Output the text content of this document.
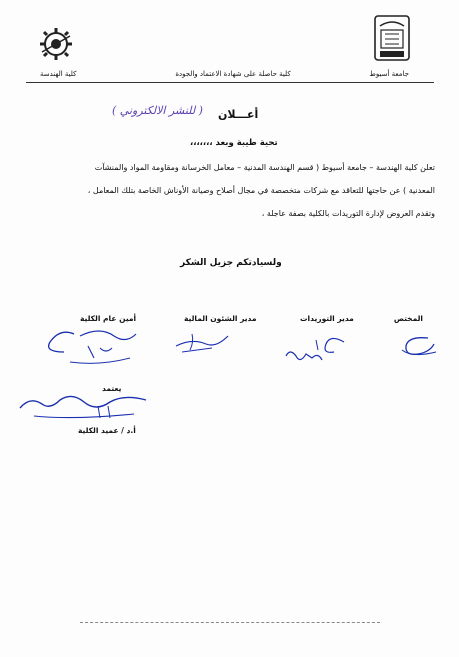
جامعة أسيوط
كلية حاصلة على شهادة الاعتماد والجودة
كلية الهندسة
أعـــلان
( للنشر الالكتروني )
تحية طيبة وبعد ،،،،،،،
تعلن كلية الهندسة – جامعة أسيوط ( قسم الهندسة المدنية – معامل الخرسانة ومقاومة المواد والمنشآت
المعدنية ) عن حاجتها للتعاقد مع شركات متخصصة في مجال أصلاح وصيانة الأوناش الخاصة بتلك المعامل ،
وتقدم العروض لإدارة التوريدات بالكلية بصفة عاجلة ،
ولسيادتكم جزيل الشكر
المختص
مدير التوريدات
مدير الشئون المالية
أمين عام الكلية
يعتمد
أ.د / عميد الكلية
